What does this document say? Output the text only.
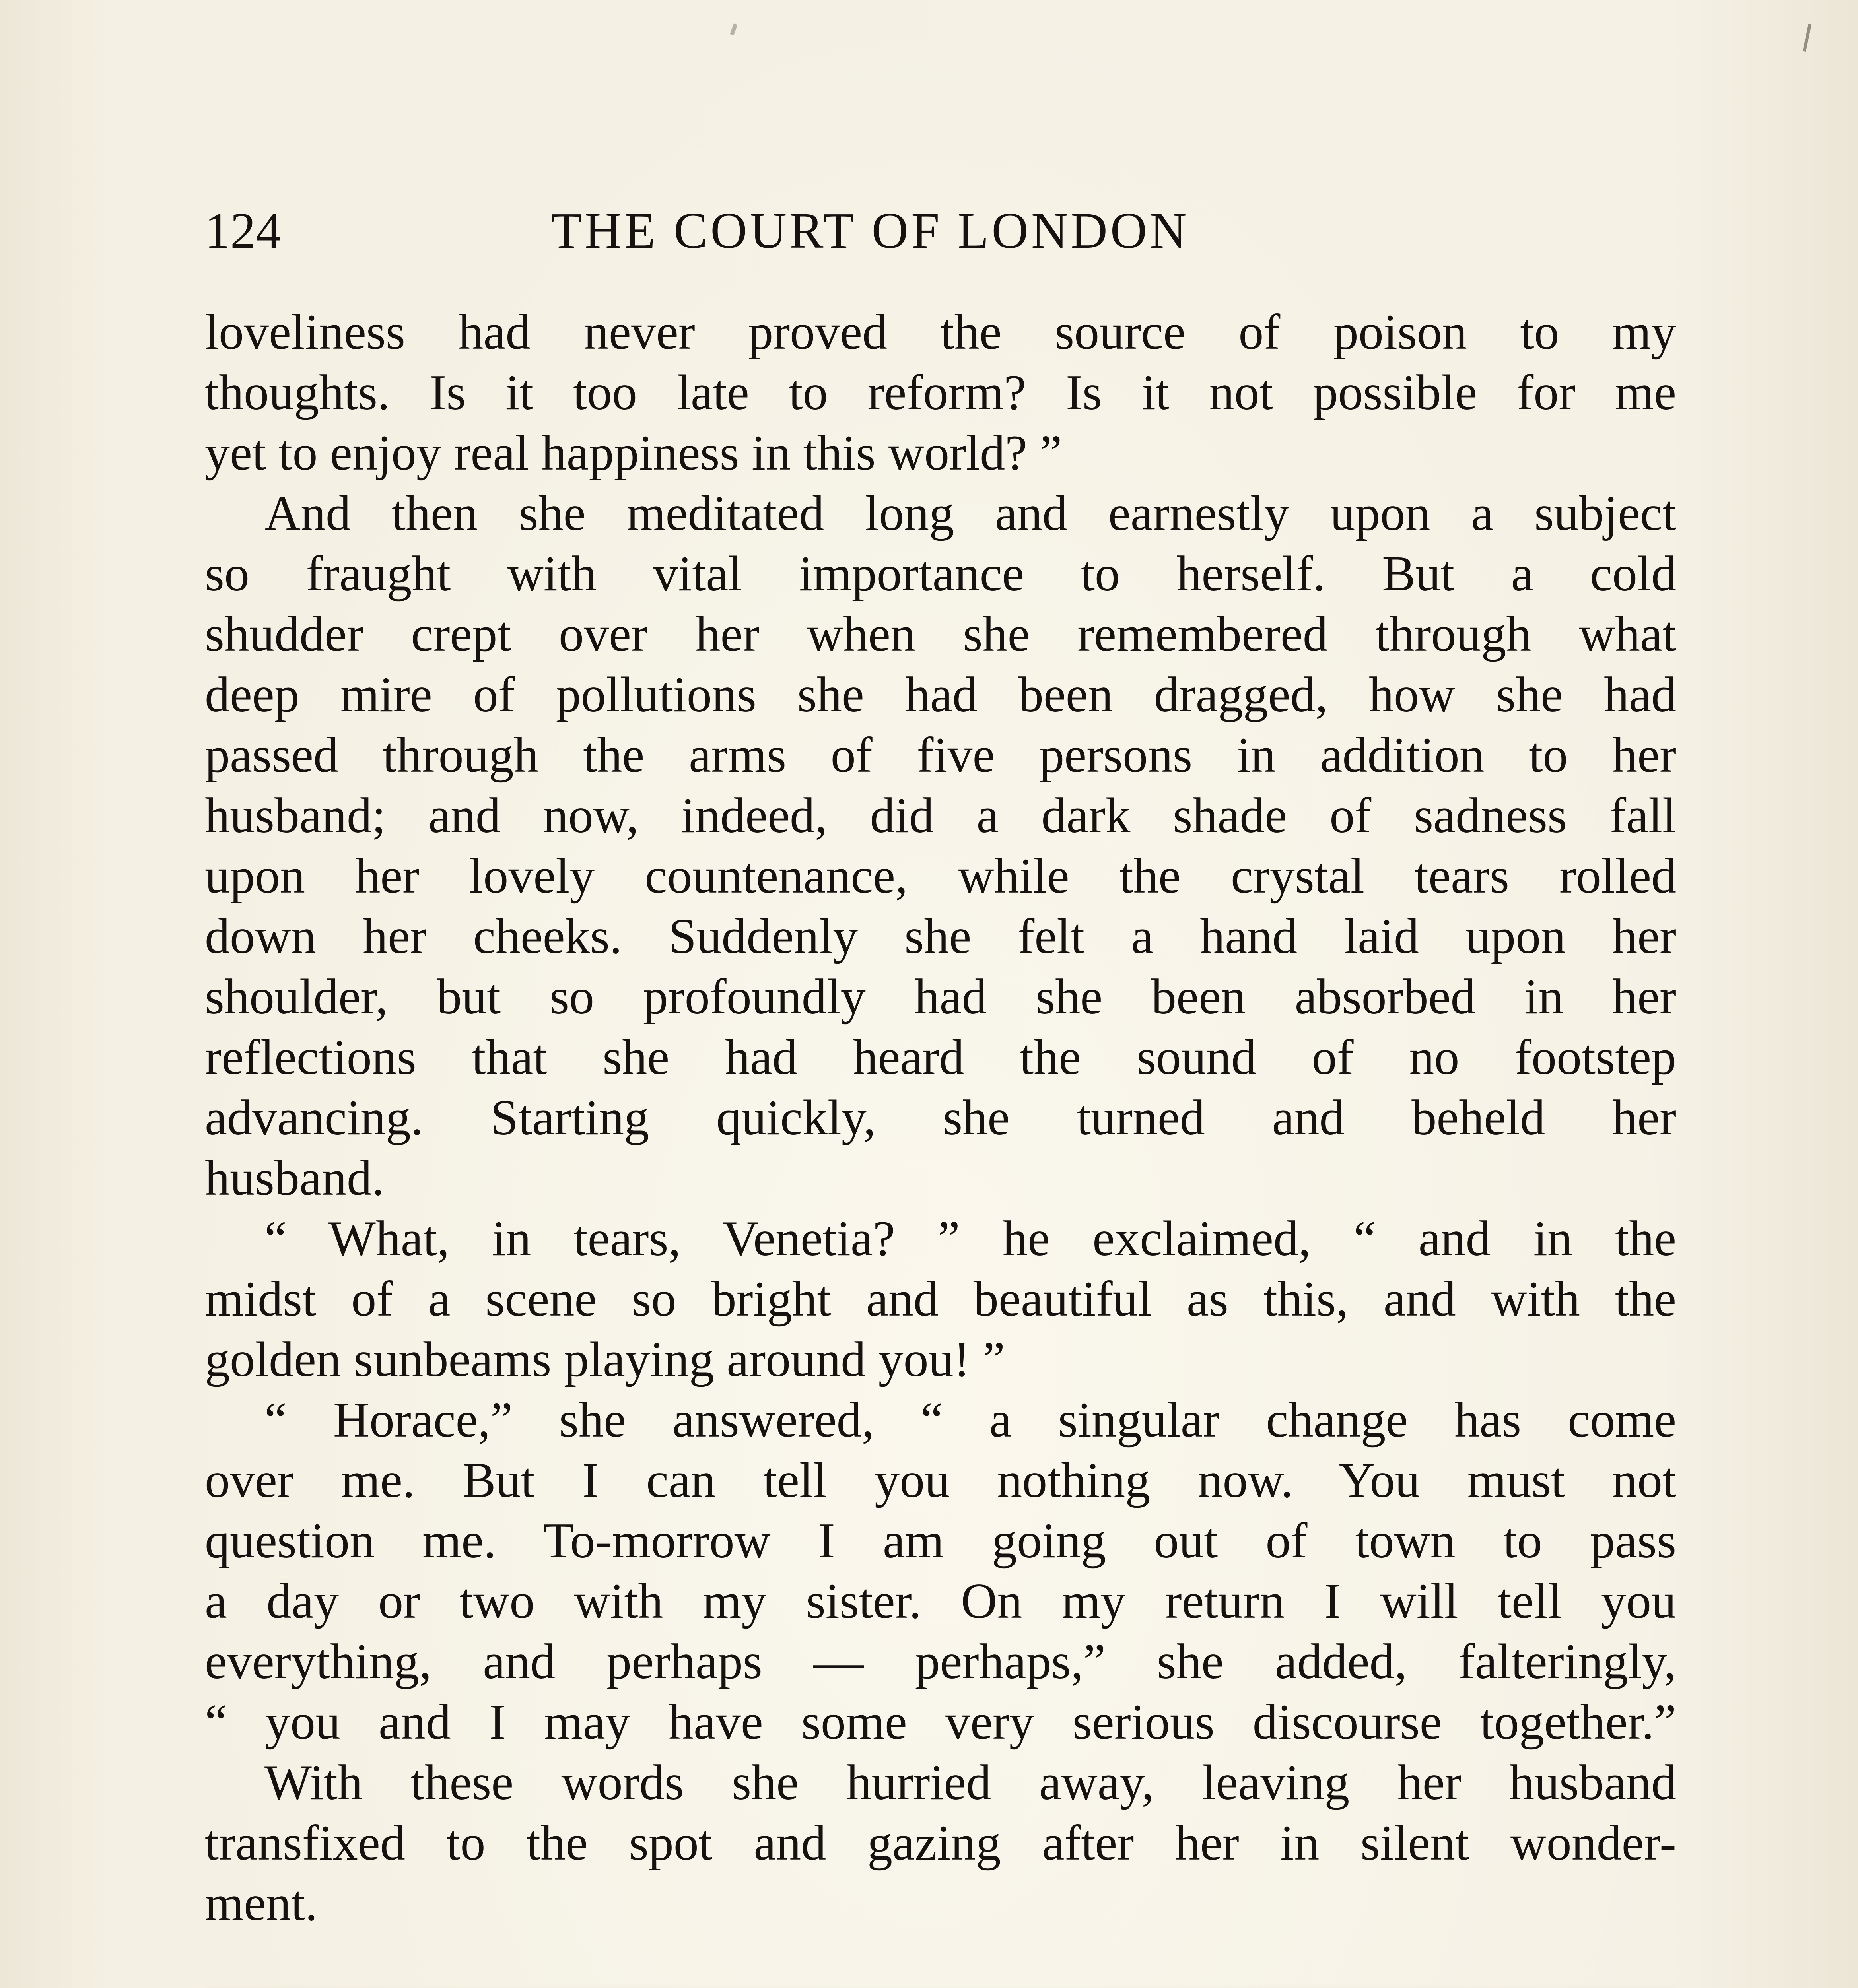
124	THE COURT OF LONDON
loveliness had never proved the source of poison to my
thoughts. Is it too late to reform? Is it not possible for me
yet to enjoy real happiness in this world? ”
And then she meditated long and earnestly upon a subject
so fraught with vital importance to herself. But a cold
shudder crept over her when she remembered through what
deep mire of pollutions she had been dragged, how she had
passed through the arms of five persons in addition to her
husband; and now, indeed, did a dark shade of sadness fall
upon her lovely countenance, while the crystal tears rolled
down her cheeks. Suddenly she felt a hand laid upon her
shoulder, but so profoundly had she been absorbed in her
reflections that she had heard the sound of no footstep
advancing. Starting quickly, she turned and beheld her
husband.
“ What, in tears, Venetia? ” he exclaimed, “ and in the
midst of a scene so bright and beautiful as this, and with the
golden sunbeams playing around you! ”
“ Horace,” she answered, “ a singular change has come
over me. But I can tell you nothing now. You must not
question me. To-morrow I am going out of town to pass
a day or two with my sister. On my return I will tell you
everything, and perhaps — perhaps,” she added, falteringly,
“ you and I may have some very serious discourse together.”
With these words she hurried away, leaving her husband
transfixed to the spot and gazing after her in silent wonder-
ment.
